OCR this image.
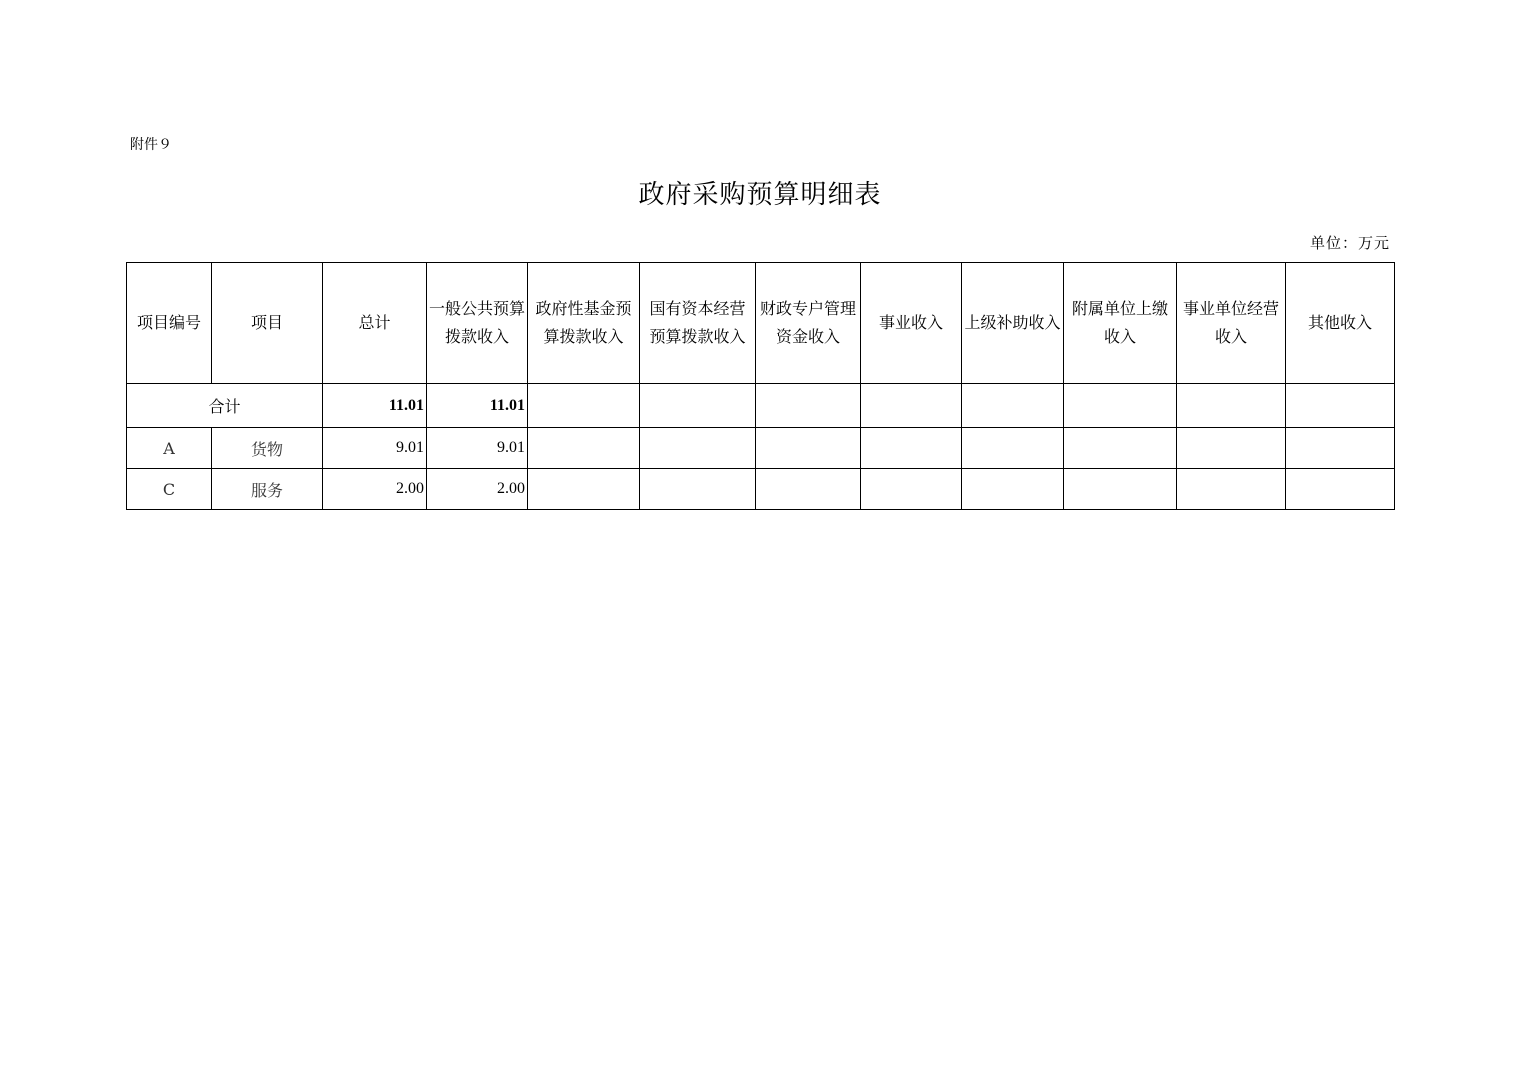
附件９
政府采购预算明细表
单位：万元
项目编号	项目	总计	一般公共预算拨款收入	政府性基金预算拨款收入	国有资本经营预算拨款收入	财政专户管理资金收入	事业收入	上级补助收入	附属单位上缴收入	事业单位经营收入	其他收入
合计		11.01	11.01								
A	货物	9.01	9.01								
C	服务	2.00	2.00								
